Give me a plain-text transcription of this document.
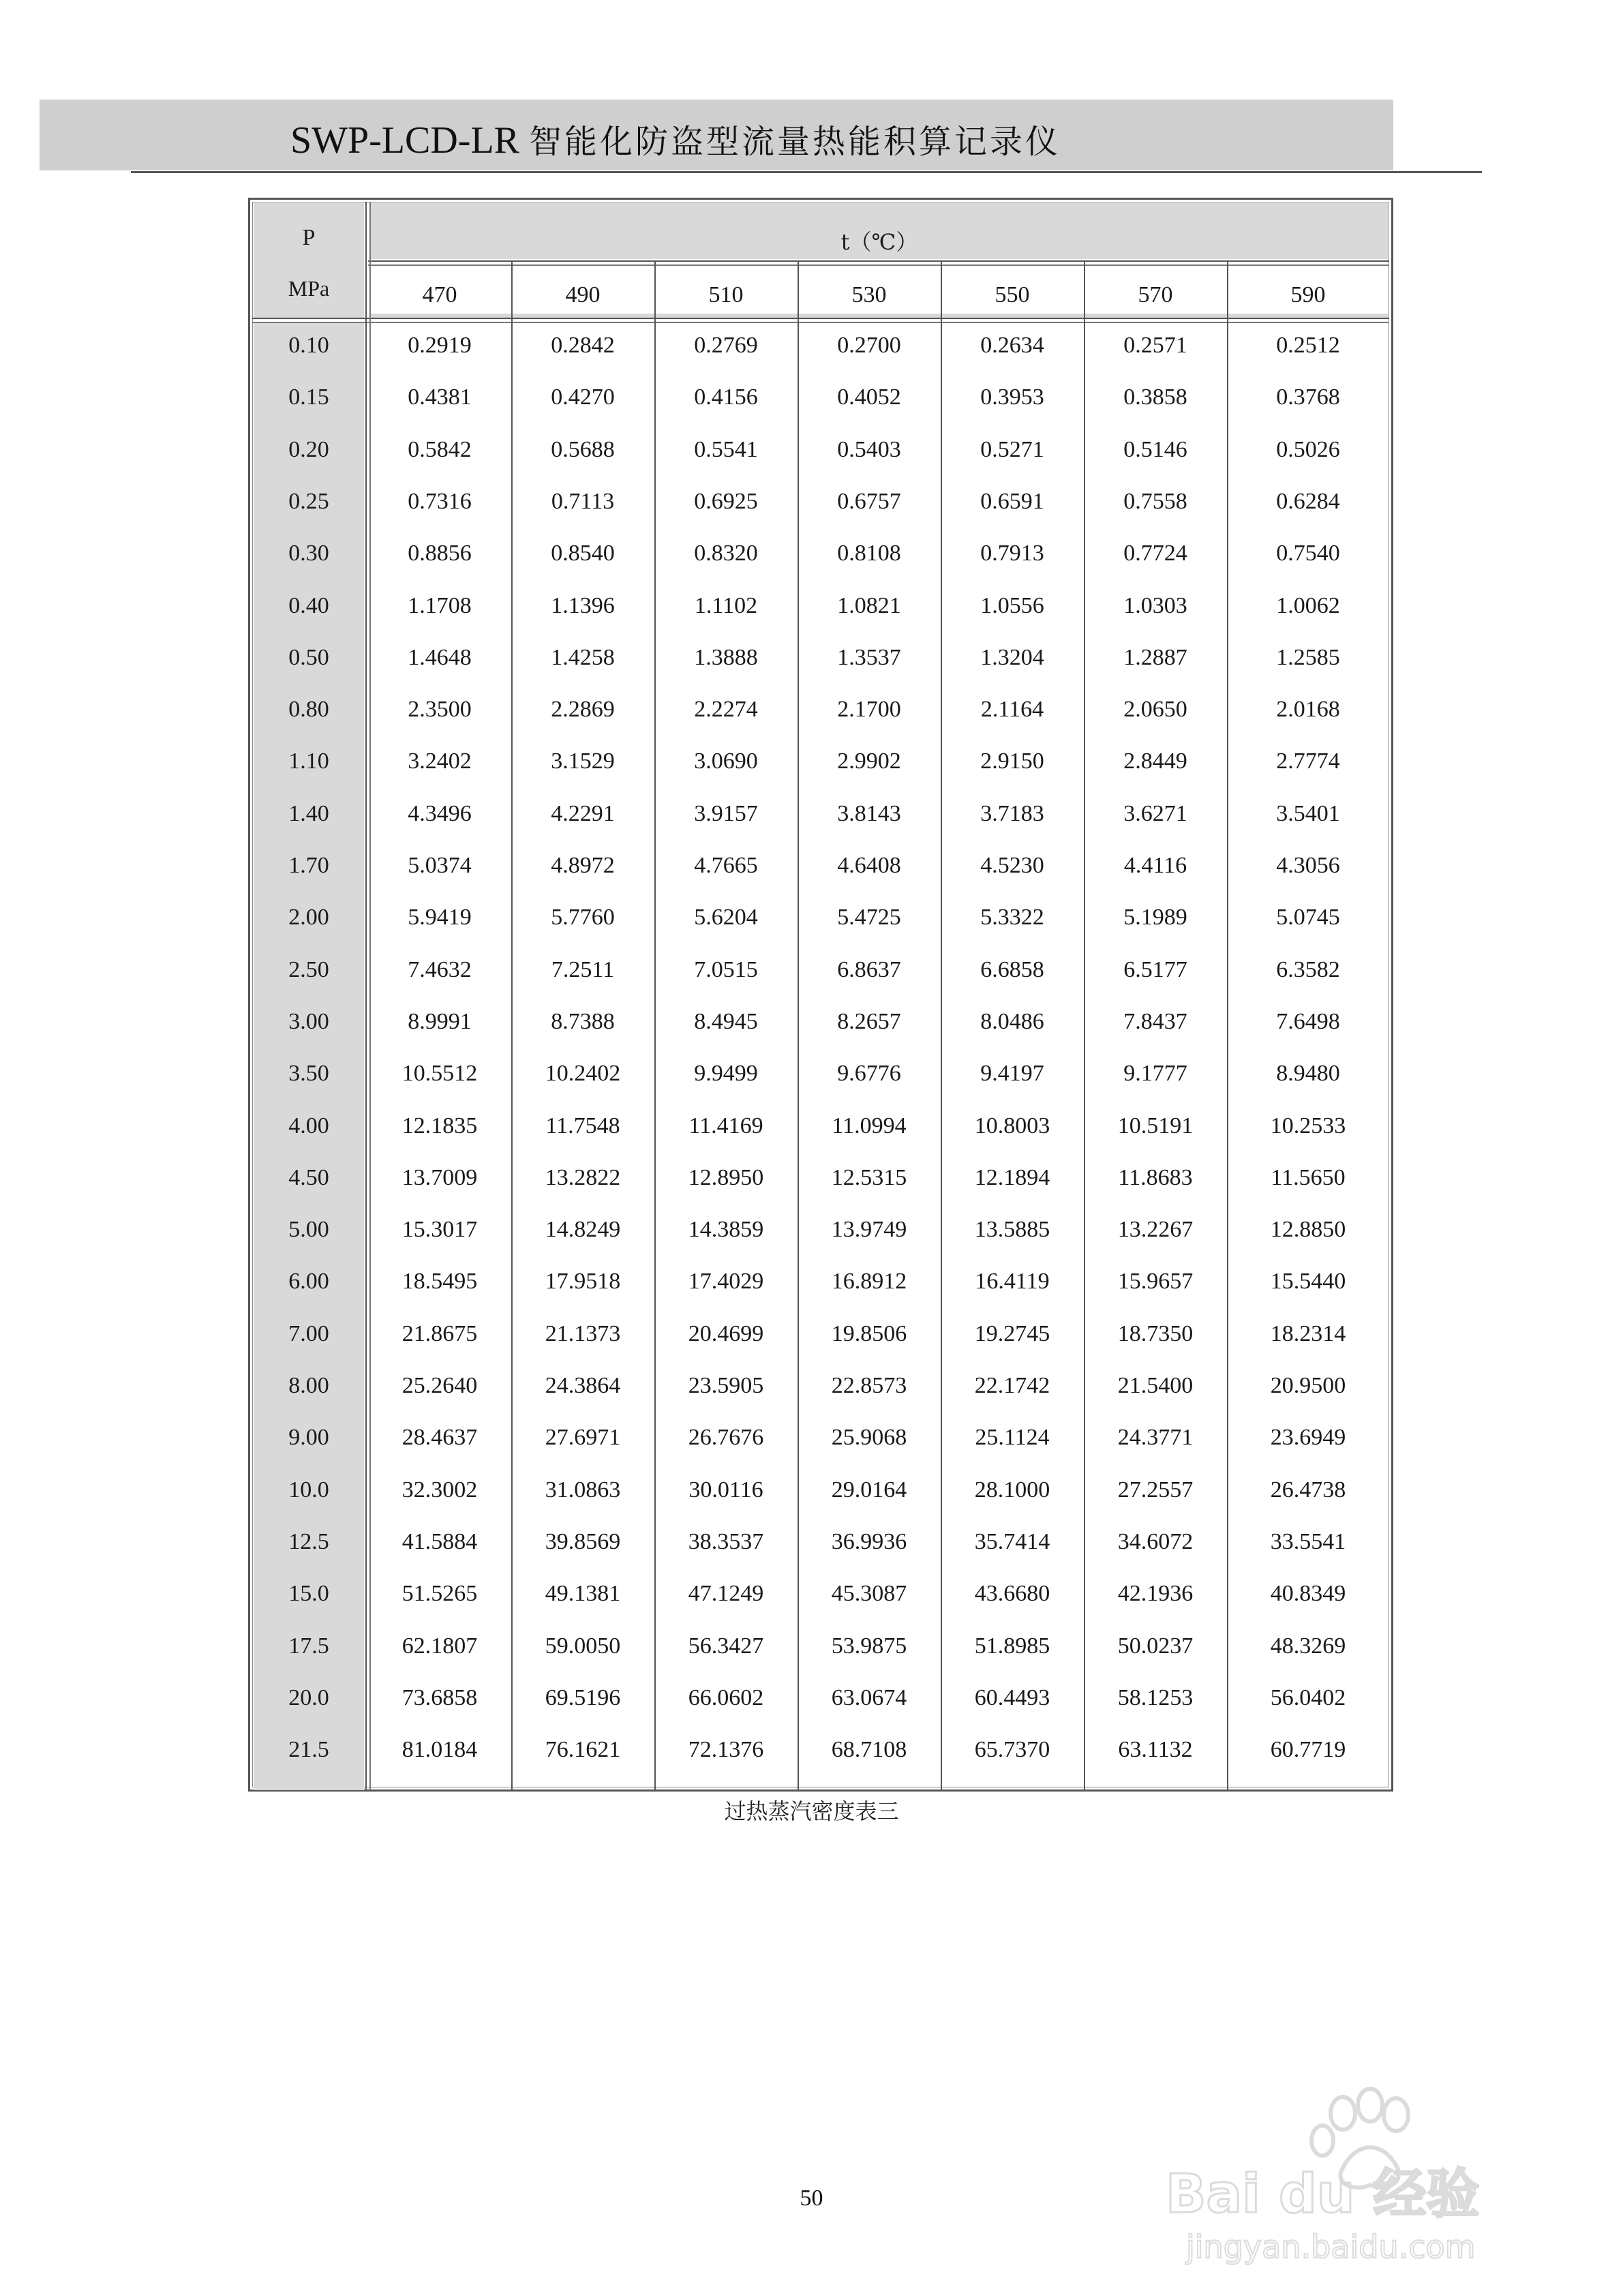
SWP-LCD-LR 智能化防盗型流量热能积算记录仪
P
MPa
t（℃）
470	490	510	530	550	570	590
0.10	0.2919	0.2842	0.2769	0.2700	0.2634	0.2571	0.2512
0.15	0.4381	0.4270	0.4156	0.4052	0.3953	0.3858	0.3768
0.20	0.5842	0.5688	0.5541	0.5403	0.5271	0.5146	0.5026
0.25	0.7316	0.7113	0.6925	0.6757	0.6591	0.7558	0.6284
0.30	0.8856	0.8540	0.8320	0.8108	0.7913	0.7724	0.7540
0.40	1.1708	1.1396	1.1102	1.0821	1.0556	1.0303	1.0062
0.50	1.4648	1.4258	1.3888	1.3537	1.3204	1.2887	1.2585
0.80	2.3500	2.2869	2.2274	2.1700	2.1164	2.0650	2.0168
1.10	3.2402	3.1529	3.0690	2.9902	2.9150	2.8449	2.7774
1.40	4.3496	4.2291	3.9157	3.8143	3.7183	3.6271	3.5401
1.70	5.0374	4.8972	4.7665	4.6408	4.5230	4.4116	4.3056
2.00	5.9419	5.7760	5.6204	5.4725	5.3322	5.1989	5.0745
2.50	7.4632	7.2511	7.0515	6.8637	6.6858	6.5177	6.3582
3.00	8.9991	8.7388	8.4945	8.2657	8.0486	7.8437	7.6498
3.50	10.5512	10.2402	9.9499	9.6776	9.4197	9.1777	8.9480
4.00	12.1835	11.7548	11.4169	11.0994	10.8003	10.5191	10.2533
4.50	13.7009	13.2822	12.8950	12.5315	12.1894	11.8683	11.5650
5.00	15.3017	14.8249	14.3859	13.9749	13.5885	13.2267	12.8850
6.00	18.5495	17.9518	17.4029	16.8912	16.4119	15.9657	15.5440
7.00	21.8675	21.1373	20.4699	19.8506	19.2745	18.7350	18.2314
8.00	25.2640	24.3864	23.5905	22.8573	22.1742	21.5400	20.9500
9.00	28.4637	27.6971	26.7676	25.9068	25.1124	24.3771	23.6949
10.0	32.3002	31.0863	30.0116	29.0164	28.1000	27.2557	26.4738
12.5	41.5884	39.8569	38.3537	36.9936	35.7414	34.6072	33.5541
15.0	51.5265	49.1381	47.1249	45.3087	43.6680	42.1936	40.8349
17.5	62.1807	59.0050	56.3427	53.9875	51.8985	50.0237	48.3269
20.0	73.6858	69.5196	66.0602	63.0674	60.4493	58.1253	56.0402
21.5	81.0184	76.1621	72.1376	68.7108	65.7370	63.1132	60.7719
过热蒸汽密度表三
50	Bai du 经验
jingyan.baidu.com
